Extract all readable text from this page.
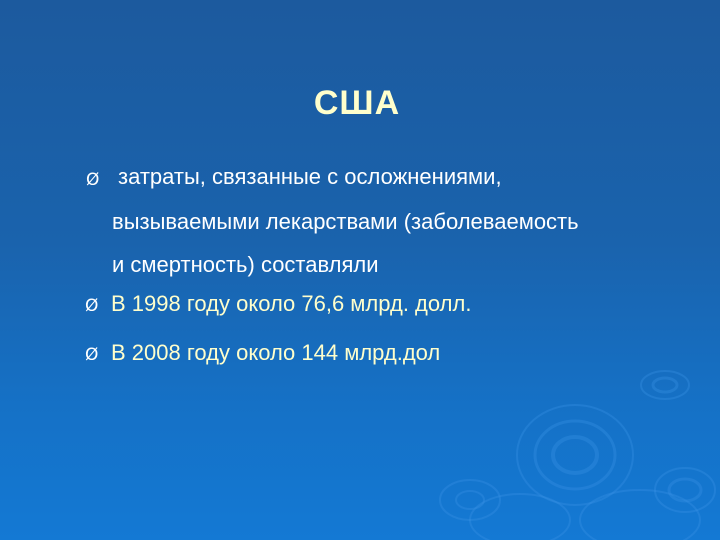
США
Ø затраты, связанные с осложнениями,
вызываемыми лекарствами (заболеваемость
и смертность) составляли
Ø В 1998 году около 76,6 млрд. долл.
Ø В 2008 году около 144 млрд.дол
